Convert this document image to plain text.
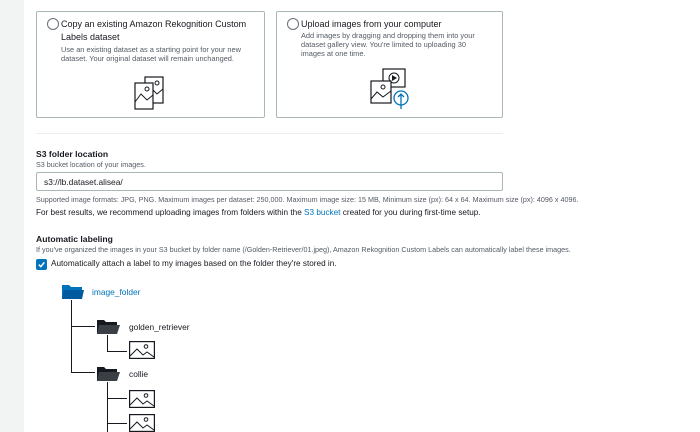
Copy an existing Amazon Rekognition Custom
Labels dataset
Use an existing dataset as a starting point for your new
dataset. Your original dataset will remain unchanged.
Upload images from your computer
Add images by dragging and dropping them into your
dataset gallery view. You're limited to uploading 30
images at one time.
S3 folder location
S3 bucket location of your images.
s3://lb.dataset.alisea/
Supported image formats: JPG, PNG. Maximum images per dataset: 250,000. Maximum image size: 15 MB, Minimum size (px): 64 x 64. Maximum size (px): 4096 x 4096.
For best results, we recommend uploading images from folders within the S3 bucket created for you during first-time setup.
Automatic labeling
If you've organized the images in your S3 bucket by folder name (/Golden-Retriever/01.jpeg), Amazon Rekognition Custom Labels can automatically label these images.
Automatically attach a label to my images based on the folder they're stored in.
image_folder
golden_retriever
collie
